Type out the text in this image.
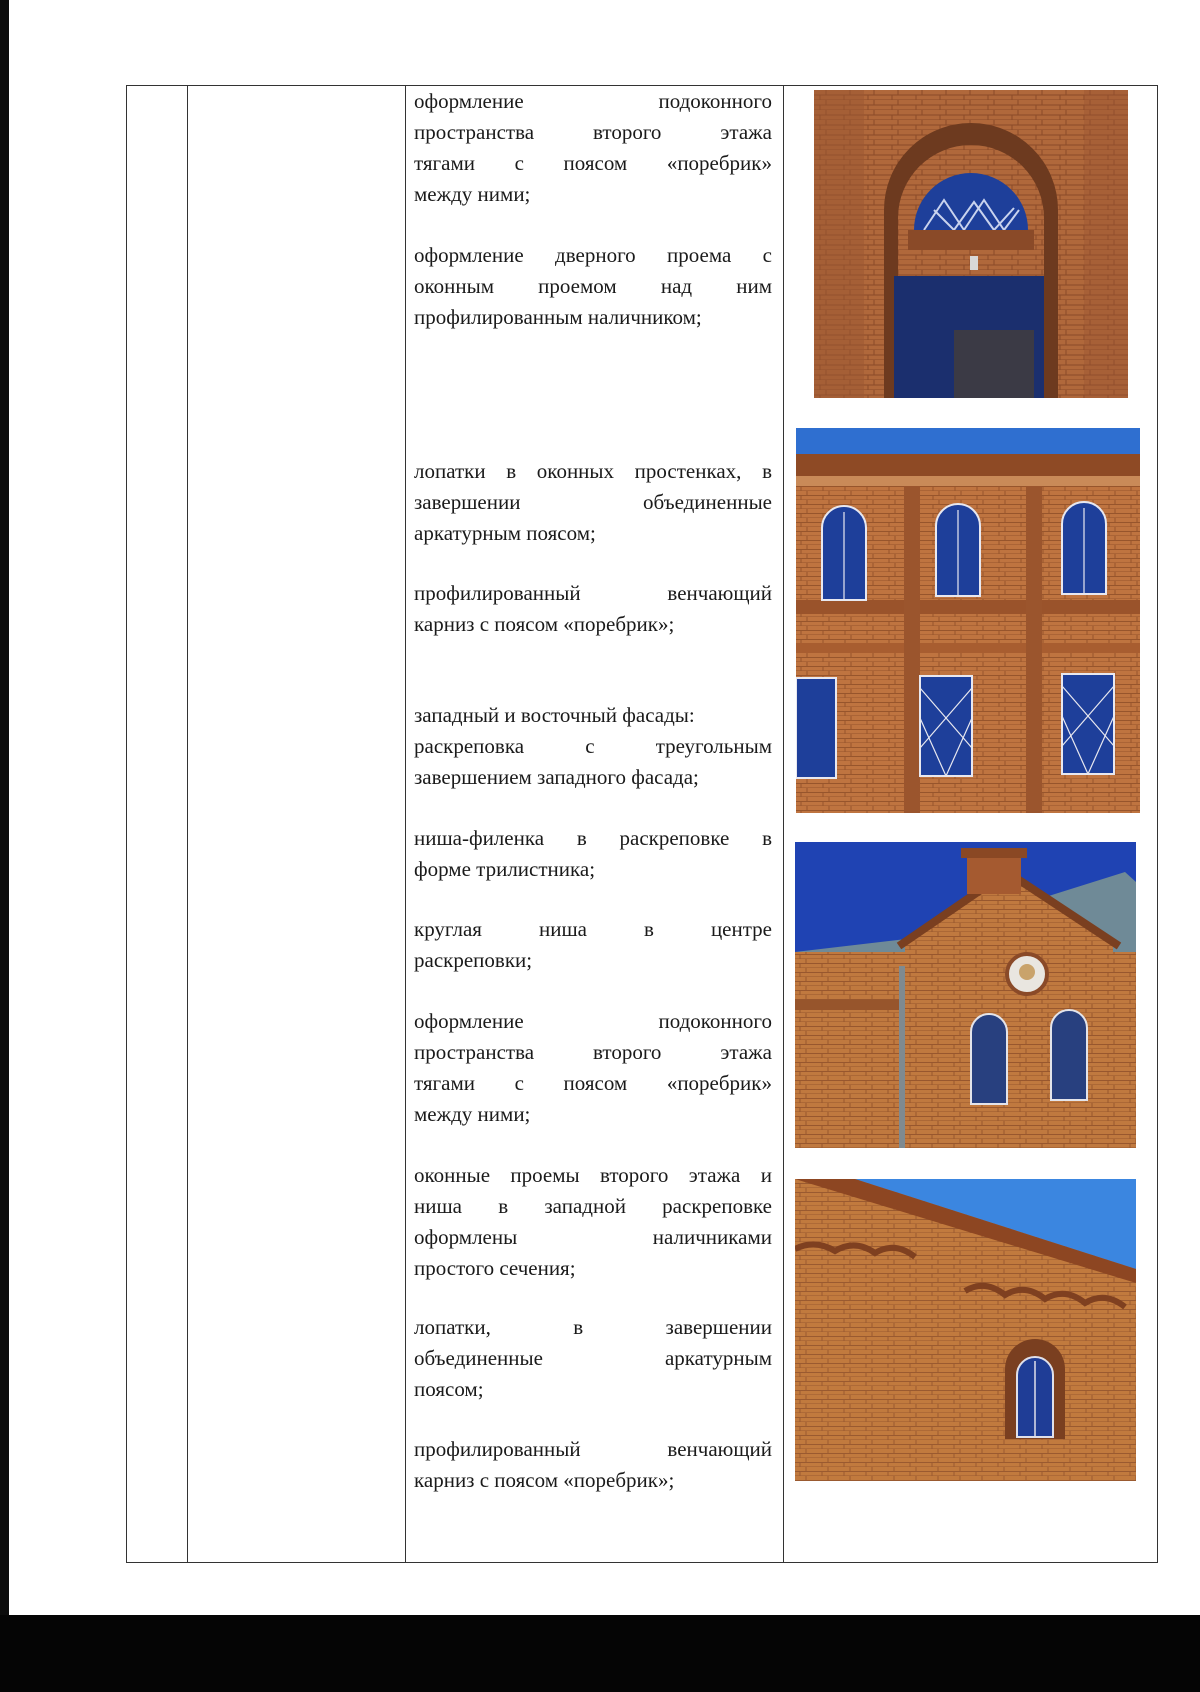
оформление подоконного

пространства второго этажа

тягами с поясом «поребрик»

между ними;

оформление дверного проема с

оконным проемом над ним

профилированным наличником;

лопатки в оконных простенках, в

завершении объединенные

аркатурным поясом;

профилированный венчающий

карниз с поясом «поребрик»;

западный и восточный фасады:

раскреповка с треугольным

завершением западного фасада;

ниша-филенка в раскреповке в

форме трилистника;

круглая ниша в центре

раскреповки;

оформление подоконного

пространства второго этажа

тягами с поясом «поребрик»

между ними;

оконные проемы второго этажа и

ниша в западной раскреповке

оформлены наличниками

простого сечения;

лопатки, в завершении

объединенные аркатурным

поясом;

профилированный венчающий

карниз с поясом «поребрик»;
